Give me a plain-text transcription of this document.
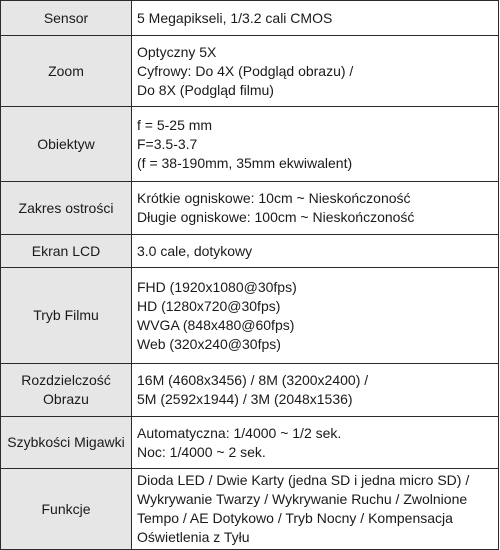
Sensor	5 Megapikseli, 1/3.2 cali CMOS

Zoom	Optyczny 5X
Cyfrowy: Do 4X (Podgląd obrazu) /
Do 8X (Podgląd filmu)

Obiektyw	f = 5-25 mm
F=3.5-3.7
(f = 38-190mm, 35mm ekwiwalent)

Zakres ostrości	Krótkie ogniskowe: 10cm ~ Nieskończoność
Długie ogniskowe: 100cm ~ Nieskończoność

Ekran LCD	3.0 cale, dotykowy

Tryb Filmu	FHD (1920x1080@30fps)
HD (1280x720@30fps)
WVGA (848x480@60fps)
Web (320x240@30fps)

Rozdzielczość
Obrazu	16M (4608x3456) / 8M (3200x2400) /
5M (2592x1944) / 3M (2048x1536)

Szybkości Migawki	Automatyczna: 1/4000 ~ 1/2 sek.
Noc: 1/4000 ~ 2 sek.

Funkcje	Dioda LED / Dwie Karty (jedna SD i jedna micro SD) / Wykrywanie Twarzy / Wykrywanie Ruchu / Zwolnione Tempo / AE Dotykowo / Tryb Nocny / Kompensacja Oświetlenia z Tyłu
